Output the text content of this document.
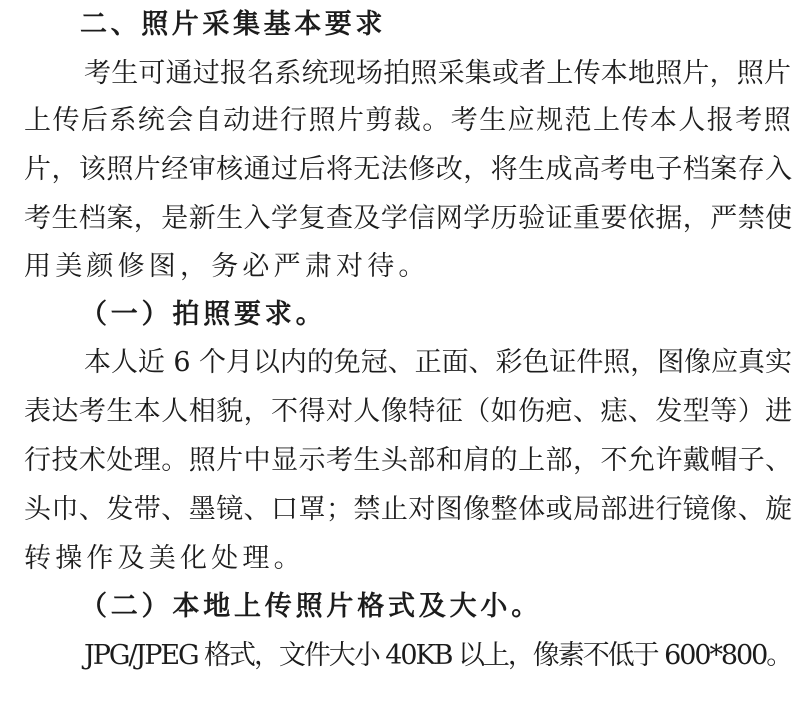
二、照片采集基本要求
考生可通过报名系统现场拍照采集或者上传本地照片，照片
上传后系统会自动进行照片剪裁。考生应规范上传本人报考照
片，该照片经审核通过后将无法修改，将生成高考电子档案存入
考生档案，是新生入学复查及学信网学历验证重要依据，严禁使
用美颜修图，务必严肃对待。
（一）拍照要求。
本人近 6 个月以内的免冠、正面、彩色证件照，图像应真实
表达考生本人相貌，不得对人像特征（如伤疤、痣、发型等）进
行技术处理。照片中显示考生头部和肩的上部，不允许戴帽子、
头巾、发带、墨镜、口罩；禁止对图像整体或局部进行镜像、旋
转操作及美化处理。
（二）本地上传照片格式及大小。
JPG/JPEG 格式，文件大小 40KB 以上，像素不低于 600*800。
